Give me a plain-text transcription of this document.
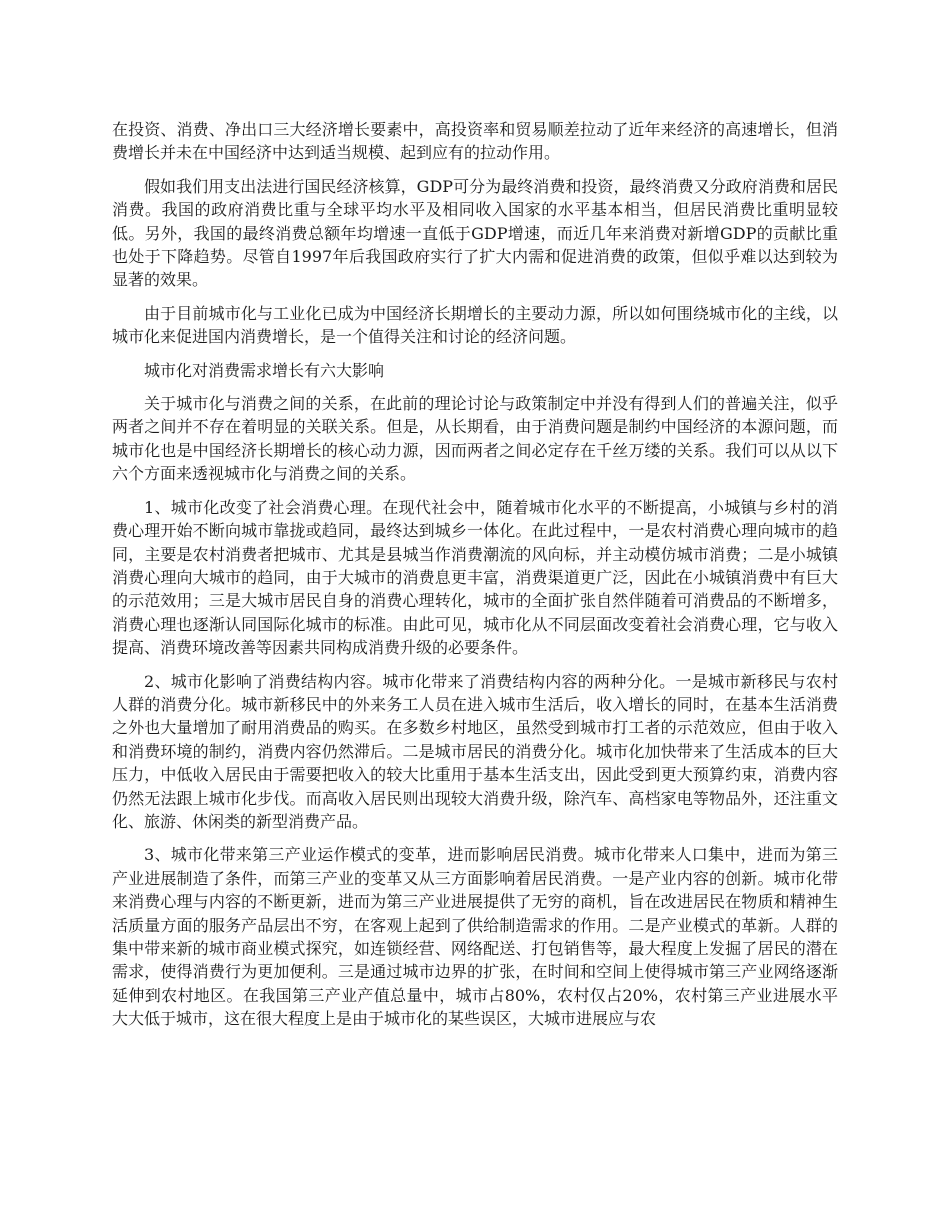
在投资、消费、净出口三大经济增长要素中，高投资率和贸易顺差拉动了近年来经济的高速增长，但消费增长并未在中国经济中达到适当规模、起到应有的拉动作用。

假如我们用支出法进行国民经济核算，GDP可分为最终消费和投资，最终消费又分政府消费和居民消费。我国的政府消费比重与全球平均水平及相同收入国家的水平基本相当，但居民消费比重明显较低。另外，我国的最终消费总额年均增速一直低于GDP增速，而近几年来消费对新增GDP的贡献比重也处于下降趋势。尽管自1997年后我国政府实行了扩大内需和促进消费的政策，但似乎难以达到较为显著的效果。

由于目前城市化与工业化已成为中国经济长期增长的主要动力源，所以如何围绕城市化的主线，以城市化来促进国内消费增长，是一个值得关注和讨论的经济问题。

城市化对消费需求增长有六大影响

关于城市化与消费之间的关系，在此前的理论讨论与政策制定中并没有得到人们的普遍关注，似乎两者之间并不存在着明显的关联关系。但是，从长期看，由于消费问题是制约中国经济的本源问题，而城市化也是中国经济长期增长的核心动力源，因而两者之间必定存在千丝万缕的关系。我们可以从以下六个方面来透视城市化与消费之间的关系。

1、城市化改变了社会消费心理。在现代社会中，随着城市化水平的不断提高，小城镇与乡村的消费心理开始不断向城市靠拢或趋同，最终达到城乡一体化。在此过程中，一是农村消费心理向城市的趋同，主要是农村消费者把城市、尤其是县城当作消费潮流的风向标，并主动模仿城市消费；二是小城镇消费心理向大城市的趋同，由于大城市的消费息更丰富，消费渠道更广泛，因此在小城镇消费中有巨大的示范效用；三是大城市居民自身的消费心理转化，城市的全面扩张自然伴随着可消费品的不断增多，消费心理也逐渐认同国际化城市的标准。由此可见，城市化从不同层面改变着社会消费心理，它与收入提高、消费环境改善等因素共同构成消费升级的必要条件。

2、城市化影响了消费结构内容。城市化带来了消费结构内容的两种分化。一是城市新移民与农村人群的消费分化。城市新移民中的外来务工人员在进入城市生活后，收入增长的同时，在基本生活消费之外也大量增加了耐用消费品的购买。在多数乡村地区，虽然受到城市打工者的示范效应，但由于收入和消费环境的制约，消费内容仍然滞后。二是城市居民的消费分化。城市化加快带来了生活成本的巨大压力，中低收入居民由于需要把收入的较大比重用于基本生活支出，因此受到更大预算约束，消费内容仍然无法跟上城市化步伐。而高收入居民则出现较大消费升级，除汽车、高档家电等物品外，还注重文化、旅游、休闲类的新型消费产品。

3、城市化带来第三产业运作模式的变革，进而影响居民消费。城市化带来人口集中，进而为第三产业进展制造了条件，而第三产业的变革又从三方面影响着居民消费。一是产业内容的创新。城市化带来消费心理与内容的不断更新，进而为第三产业进展提供了无穷的商机，旨在改进居民在物质和精神生活质量方面的服务产品层出不穷，在客观上起到了供给制造需求的作用。二是产业模式的革新。人群的集中带来新的城市商业模式探究，如连锁经营、网络配送、打包销售等，最大程度上发掘了居民的潜在需求，使得消费行为更加便利。三是通过城市边界的扩张，在时间和空间上使得城市第三产业网络逐渐延伸到农村地区。在我国第三产业产值总量中，城市占80%，农村仅占20%，农村第三产业进展水平大大低于城市，这在很大程度上是由于城市化的某些误区，大城市进展应与农
